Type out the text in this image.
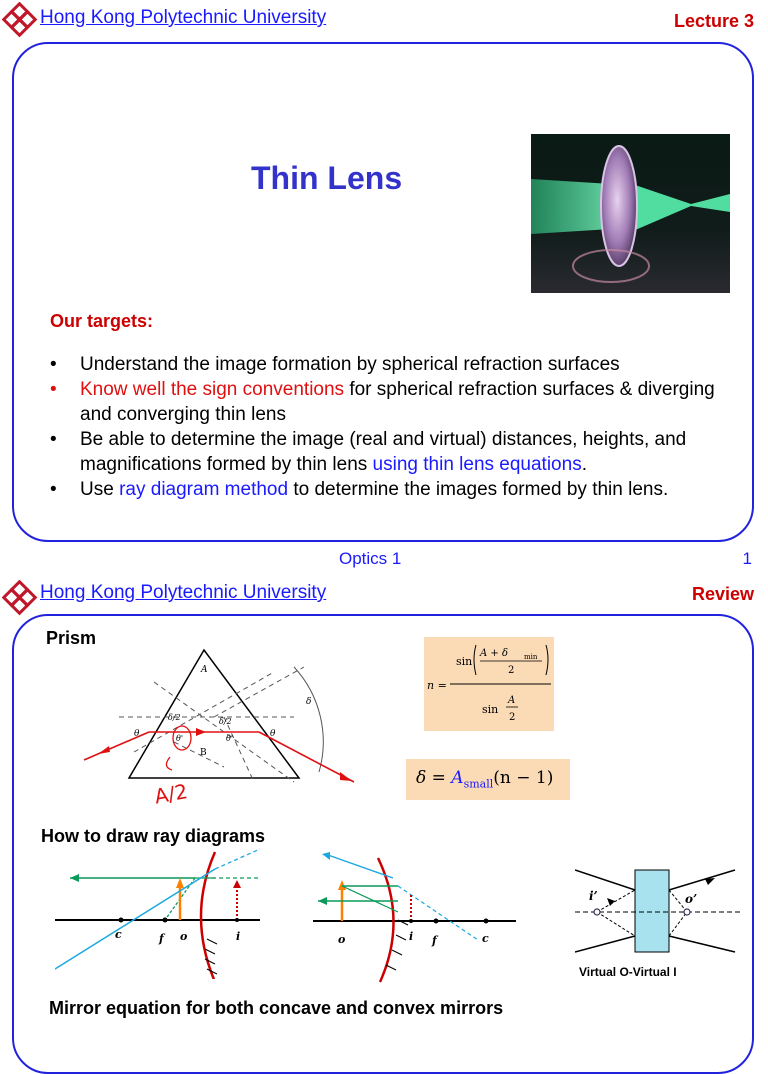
Hong Kong Polytechnic University	Lecture 3
Thin Lens
Our targets:
• Understand the image formation by spherical refraction surfaces
• Know well the sign conventions for spherical refraction surfaces & diverging and converging thin lens
• Be able to determine the image (real and virtual) distances, heights, and magnifications formed by thin lens using thin lens equations.
• Use ray diagram method to determine the images formed by thin lens.
Optics 1	1
Hong Kong Polytechnic University	Review
Prism
A
δ/2	δ/2
θ	θ
θ'	θ'
B
δ
A/2
n =
sin
A + δ min
2
sin
A
2
$\delta = A_{small}(n - 1)$
How to draw ray diagrams
c	f o	i	o	i f	c
i’	o’
Virtual O-Virtual I
Mirror equation for both concave and convex mirrors
